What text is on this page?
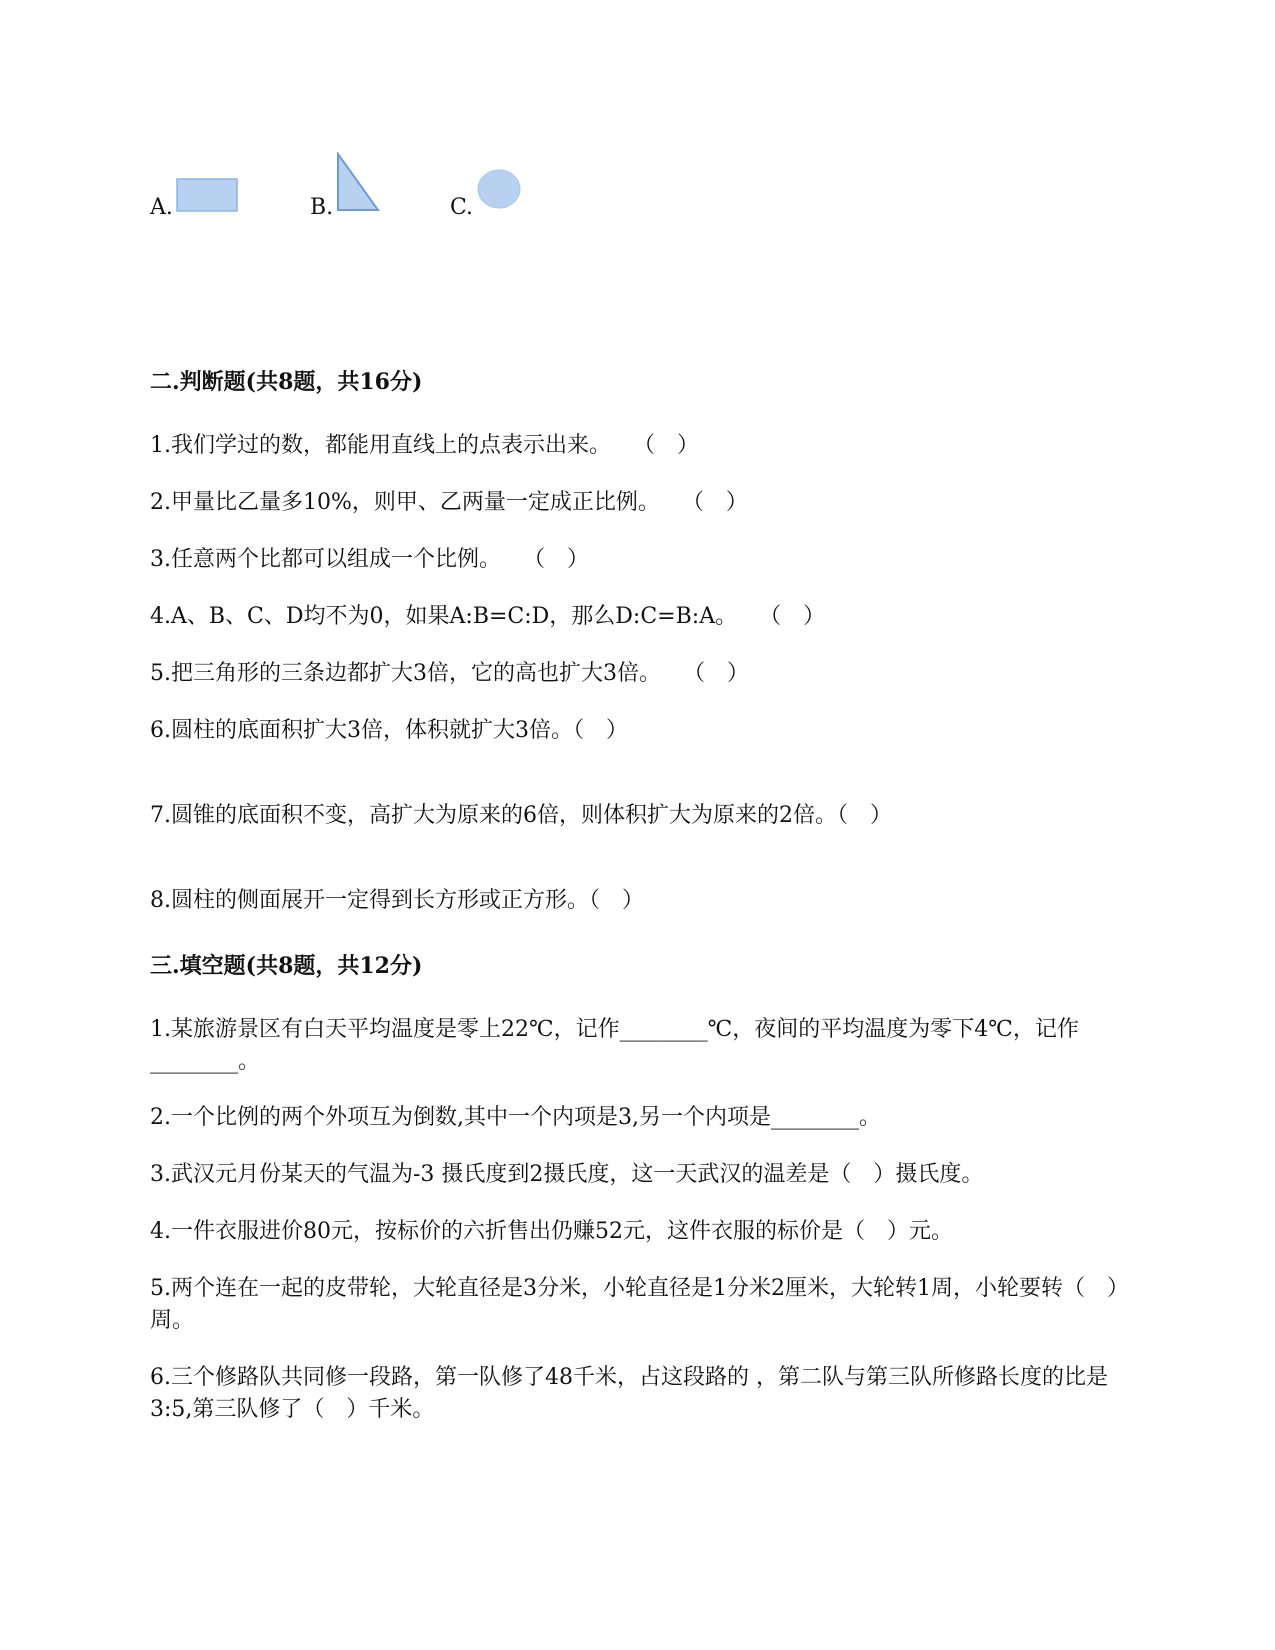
A.	B.	C.
二.判断题(共8题，共16分)
1.我们学过的数，都能用直线上的点表示出来。　　（　）
2.甲量比乙量多10%，则甲、乙两量一定成正比例。　　（　）
3.任意两个比都可以组成一个比例。　　（　）
4.A、B、C、D均不为0，如果A:B=C:D，那么D:C=B:A。　　（　）
5.把三角形的三条边都扩大3倍，它的高也扩大3倍。　　（　）
6.圆柱的底面积扩大3倍，体积就扩大3倍。（　）
7.圆锥的底面积不变，高扩大为原来的6倍，则体积扩大为原来的2倍。（　）
8.圆柱的侧面展开一定得到长方形或正方形。（　）
三.填空题(共8题，共12分)
1.某旅游景区有白天平均温度是零上22℃，记作________℃，夜间的平均温度为零下4℃，记作________。
2.一个比例的两个外项互为倒数,其中一个内项是3,另一个内项是________。
3.武汉元月份某天的气温为-3 摄氏度到2摄氏度，这一天武汉的温差是（　）摄氏度。
4.一件衣服进价80元，按标价的六折售出仍赚52元，这件衣服的标价是（　）元。
5.两个连在一起的皮带轮，大轮直径是3分米，小轮直径是1分米2厘米，大轮转1周，小轮要转（　）周。
6.三个修路队共同修一段路，第一队修了48千米，占这段路的 ，第二队与第三队所修路长度的比是3:5,第三队修了（　）千米。
